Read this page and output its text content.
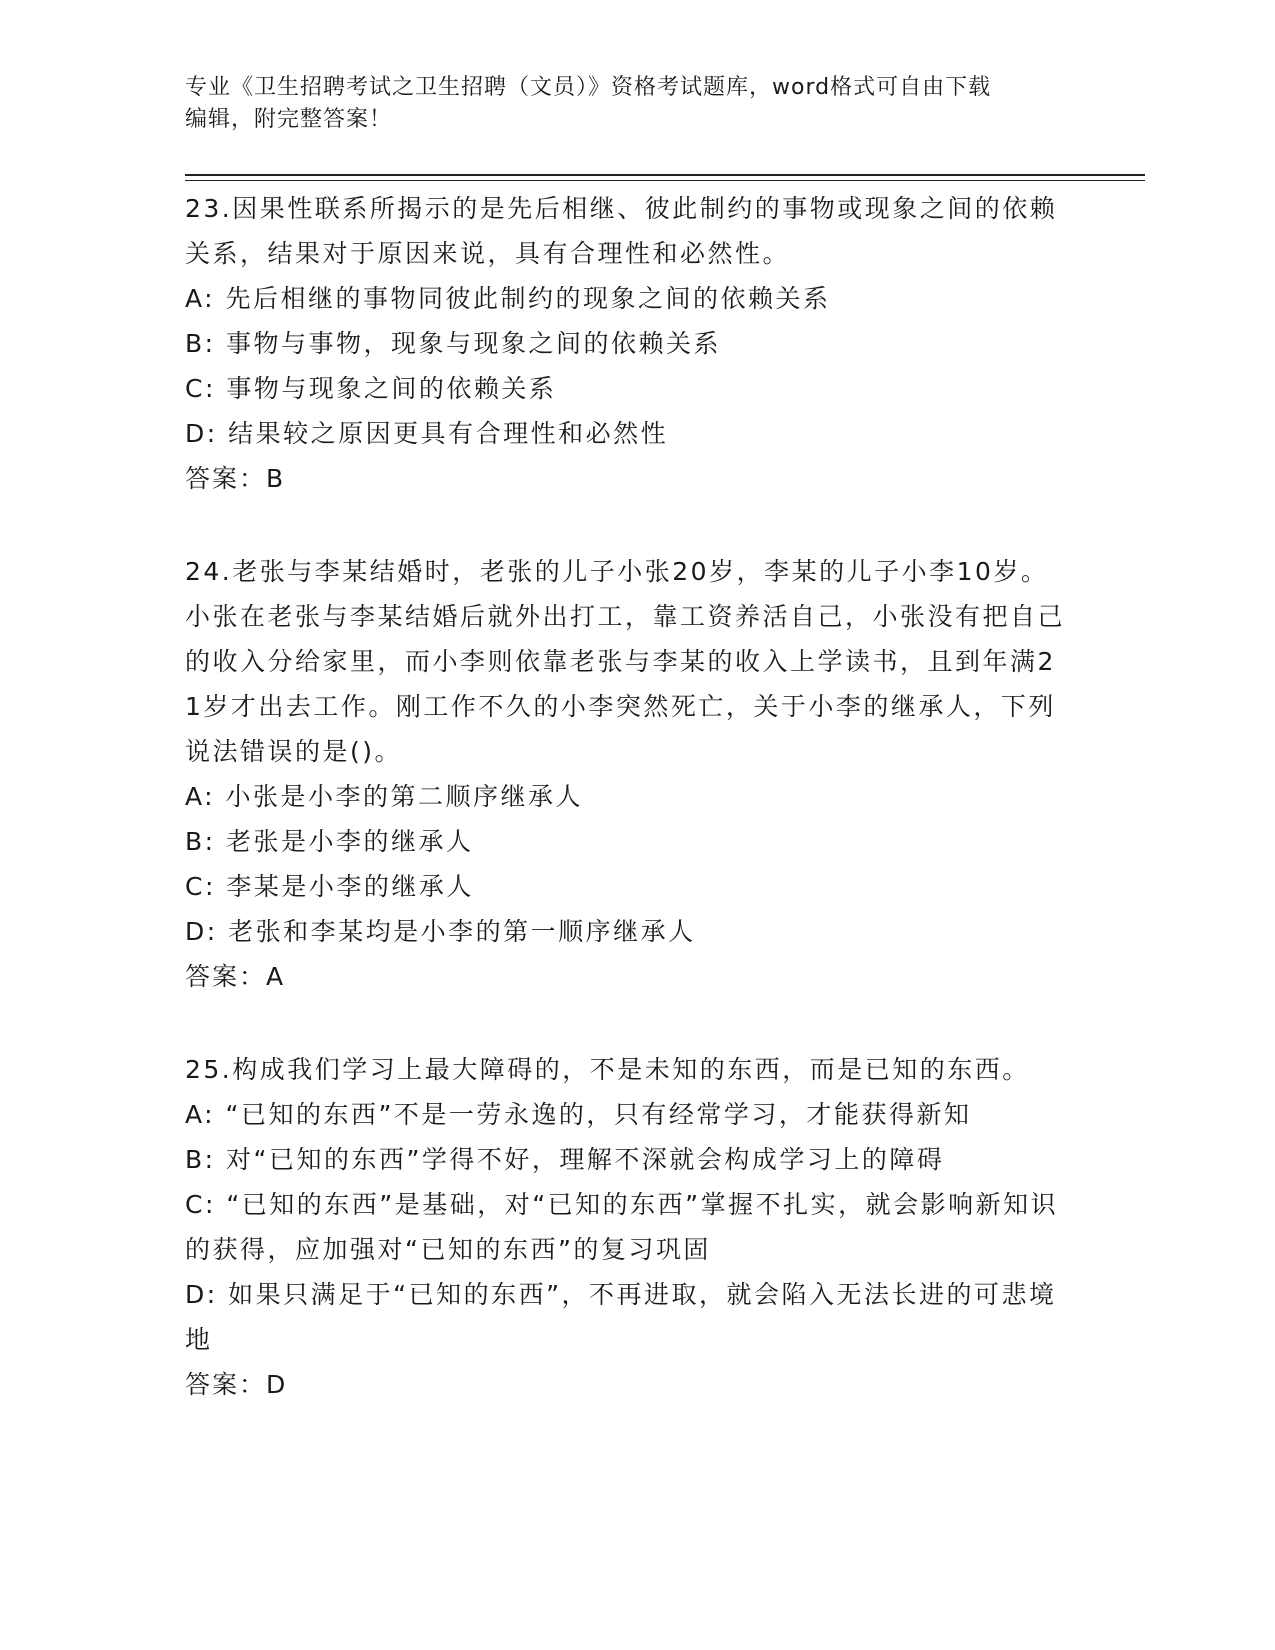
专业《卫生招聘考试之卫生招聘（文员）》资格考试题库，word格式可自由下载
编辑，附完整答案！

23.因果性联系所揭示的是先后相继、彼此制约的事物或现象之间的依赖关系，结果对于原因来说，具有合理性和必然性。

A: 先后相继的事物同彼此制约的现象之间的依赖关系

B: 事物与事物，现象与现象之间的依赖关系

C: 事物与现象之间的依赖关系

D: 结果较之原因更具有合理性和必然性

答案：B

24.老张与李某结婚时，老张的儿子小张20岁，李某的儿子小李10岁。小张在老张与李某结婚后就外出打工，靠工资养活自己，小张没有把自己的收入分给家里，而小李则依靠老张与李某的收入上学读书，且到年满21岁才出去工作。刚工作不久的小李突然死亡，关于小李的继承人，下列说法错误的是()。

A: 小张是小李的第二顺序继承人

B: 老张是小李的继承人

C: 李某是小李的继承人

D: 老张和李某均是小李的第一顺序继承人

答案：A

25.构成我们学习上最大障碍的，不是未知的东西，而是已知的东西。

A: “已知的东西”不是一劳永逸的，只有经常学习，才能获得新知

B: 对“已知的东西”学得不好，理解不深就会构成学习上的障碍

C: “已知的东西”是基础，对“已知的东西”掌握不扎实，就会影响新知识的获得，应加强对“已知的东西”的复习巩固

D: 如果只满足于“已知的东西”，不再进取，就会陷入无法长进的可悲境地

答案：D
